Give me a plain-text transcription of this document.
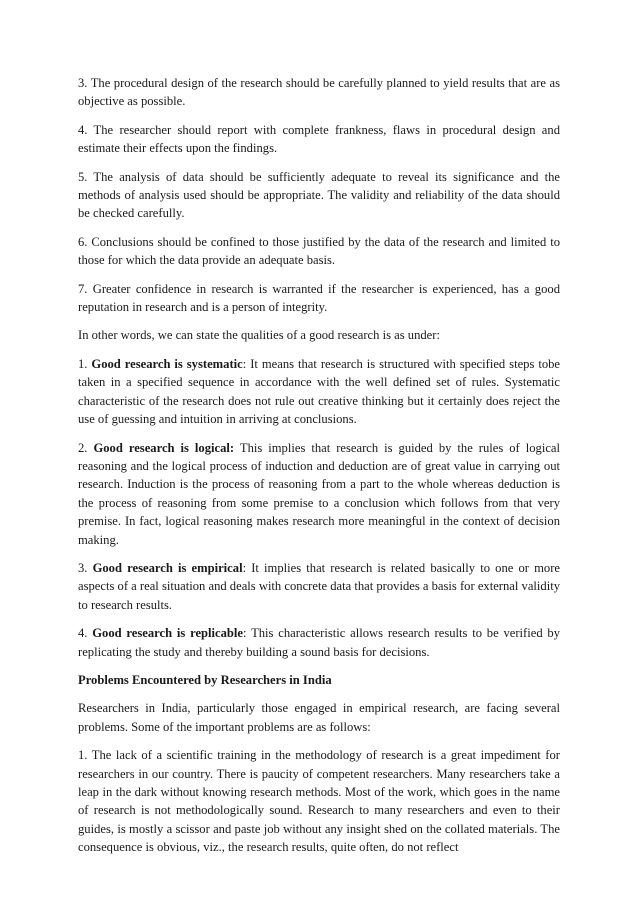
3. The procedural design of the research should be carefully planned to yield results that are as objective as possible.

4. The researcher should report with complete frankness, flaws in procedural design and estimate their effects upon the findings.

5. The analysis of data should be sufficiently adequate to reveal its significance and the methods of analysis used should be appropriate. The validity and reliability of the data should be checked carefully.

6. Conclusions should be confined to those justified by the data of the research and limited to those for which the data provide an adequate basis.

7. Greater confidence in research is warranted if the researcher is experienced, has a good reputation in research and is a person of integrity.

In other words, we can state the qualities of a good research is as under:

1. Good research is systematic: It means that research is structured with specified steps tobe taken in a specified sequence in accordance with the well defined set of rules. Systematic characteristic of the research does not rule out creative thinking but it certainly does reject the use of guessing and intuition in arriving at conclusions.

2. Good research is logical: This implies that research is guided by the rules of logical reasoning and the logical process of induction and deduction are of great value in carrying out research. Induction is the process of reasoning from a part to the whole whereas deduction is the process of reasoning from some premise to a conclusion which follows from that very premise. In fact, logical reasoning makes research more meaningful in the context of decision making.

3. Good research is empirical: It implies that research is related basically to one or more aspects of a real situation and deals with concrete data that provides a basis for external validity to research results.

4. Good research is replicable: This characteristic allows research results to be verified by replicating the study and thereby building a sound basis for decisions.

Problems Encountered by Researchers in India

Researchers in India, particularly those engaged in empirical research, are facing several problems. Some of the important problems are as follows:

1. The lack of a scientific training in the methodology of research is a great impediment for researchers in our country. There is paucity of competent researchers. Many researchers take a leap in the dark without knowing research methods. Most of the work, which goes in the name of research is not methodologically sound. Research to many researchers and even to their guides, is mostly a scissor and paste job without any insight shed on the collated materials. The consequence is obvious, viz., the research results, quite often, do not reflect
